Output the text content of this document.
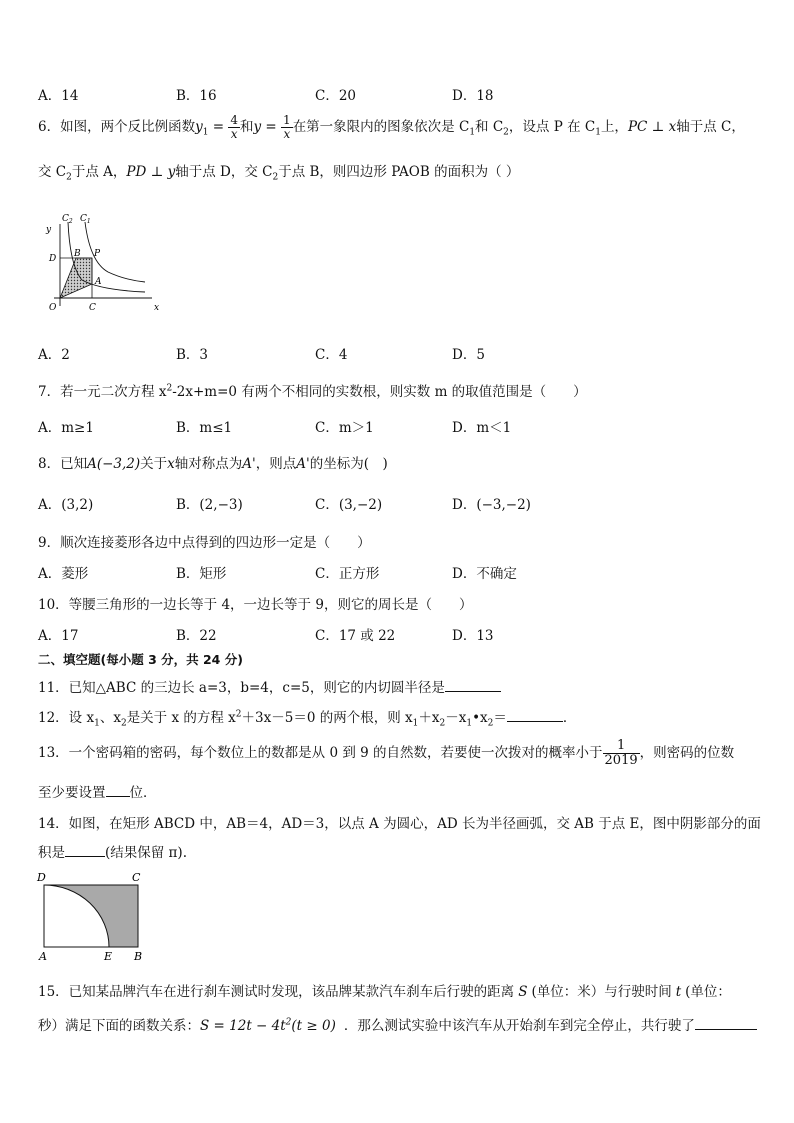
A．14	B．16	C．20	D．18
6．如图，两个反比例函数$y_1 = \frac{4}{x}$ 和$y = \frac{1}{x}$ 在第一象限内的图象依次是 $C_1$和 $C_2$，设点 P 在 $C_1$上，PC ⊥ x轴于点 C，
交 $C_2$于点 A，PD ⊥ y轴于点 D，交 $C_2$于点 B，则四边形 PAOB 的面积为（ ）
$C_2$ $C_1$
y
x
D B P
A
O	C
A．2	B．3	C．4	D．5
7．若一元二次方程 $x^2-2x+m=0$ 有两个不相同的实数根，则实数 m 的取值范围是（　　）
A．m≥1	B．m≤1	C．m＞1	D．m＜1
8．已知A(−3,2)关于x轴对称点为A'，则点A'的坐标为(　)
A．(3,2)	B．(2,−3)	C．(3,−2)	D．(−3,−2)
9．顺次连接菱形各边中点得到的四边形一定是（　　）
A．菱形	B．矩形	C．正方形	D．不确定
10．等腰三角形的一边长等于 4，一边长等于 9，则它的周长是（　　）
A．17	B．22	C．17 或 22	D．13
二、填空题(每小题 3 分，共 24 分)
11．已知△ABC 的三边长 a=3，b=4，c=5，则它的内切圆半径是
12．设 $x_1$、$x_2$是关于 x 的方程 $x^2+3x-5=0$ 的两个根，则 $x_1+x_2-x_1•x_2=$	．
13．一个密码箱的密码，每个数位上的数都是从 0 到 9 的自然数，若要使一次拨对的概率小于 $\frac{1}{2019}$ ，则密码的位数
至少要设置 位．
14．如图，在矩形 ABCD 中，AB＝4，AD＝3，以点 A 为圆心，AD 长为半径画弧，交 AB 于点 E，图中阴影部分的面
积是	(结果保留 π).
D	C
A	E B
15．已知某品牌汽车在进行刹车测试时发现，该品牌某款汽车刹车后行驶的距离 S (单位：米）与行驶时间 t (单位：
秒）满足下面的函数关系：$S = 12t - 4t^2(t \ge 0)$ ．那么测试实验中该汽车从开始刹车到完全停止，共行驶了
